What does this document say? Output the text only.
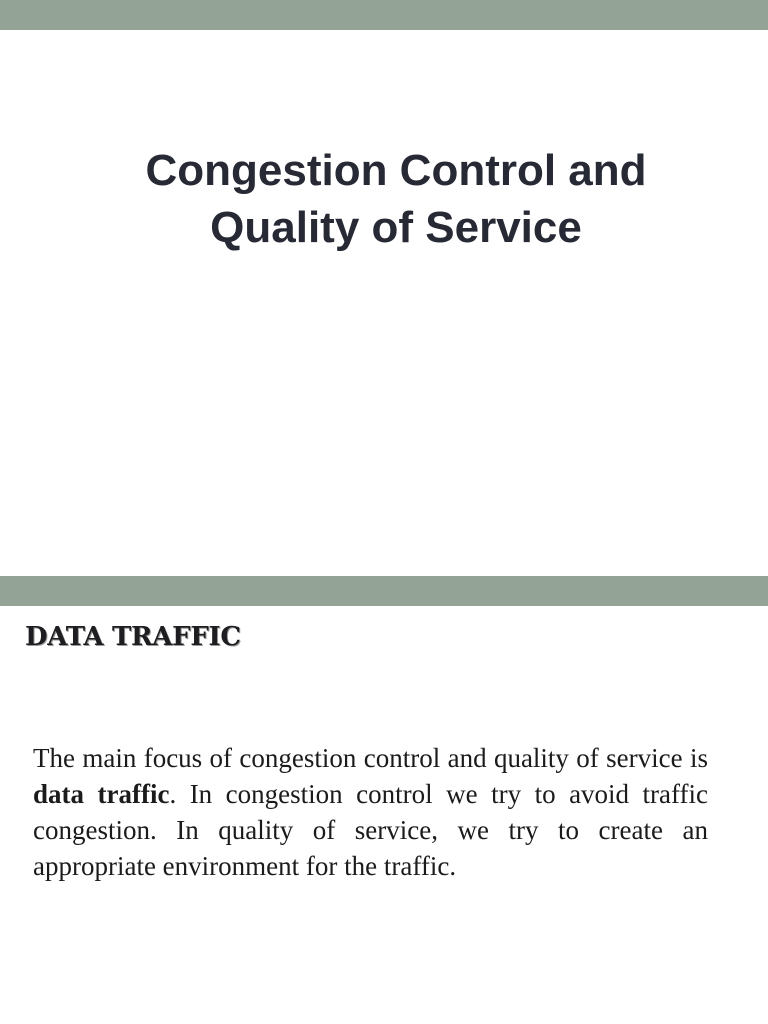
Congestion Control and
Quality of Service
DATA TRAFFIC

The main focus of congestion control and quality of service is data traffic. In congestion control we try to avoid traffic congestion. In quality of service, we try to create an appropriate environment for the traffic.
